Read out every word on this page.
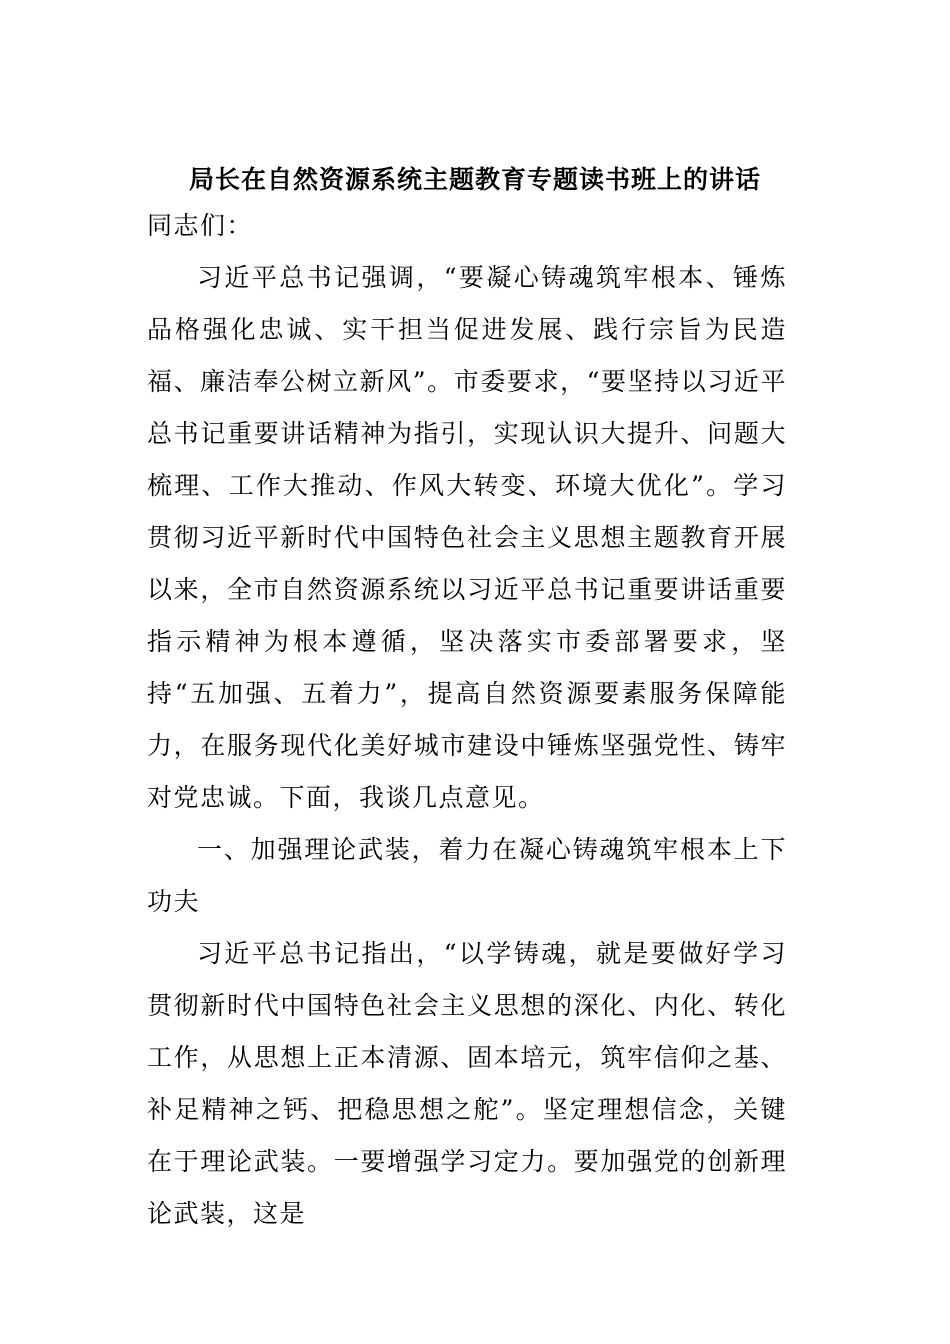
局长在自然资源系统主题教育专题读书班上的讲话

同志们：

习近平总书记强调，“要凝心铸魂筑牢根本、锤炼品格强化忠诚、实干担当促进发展、践行宗旨为民造福、廉洁奉公树立新风”。市委要求，“要坚持以习近平总书记重要讲话精神为指引，实现认识大提升、问题大梳理、工作大推动、作风大转变、环境大优化”。学习贯彻习近平新时代中国特色社会主义思想主题教育开展以来，全市自然资源系统以习近平总书记重要讲话重要指示精神为根本遵循，坚决落实市委部署要求，坚持“五加强、五着力”，提高自然资源要素服务保障能力，在服务现代化美好城市建设中锤炼坚强党性、铸牢对党忠诚。下面，我谈几点意见。

一、加强理论武装，着力在凝心铸魂筑牢根本上下功夫

习近平总书记指出，“以学铸魂，就是要做好学习贯彻新时代中国特色社会主义思想的深化、内化、转化工作，从思想上正本清源、固本培元，筑牢信仰之基、补足精神之钙、把稳思想之舵”。坚定理想信念，关键在于理论武装。一要增强学习定力。要加强党的创新理论武装，这是
